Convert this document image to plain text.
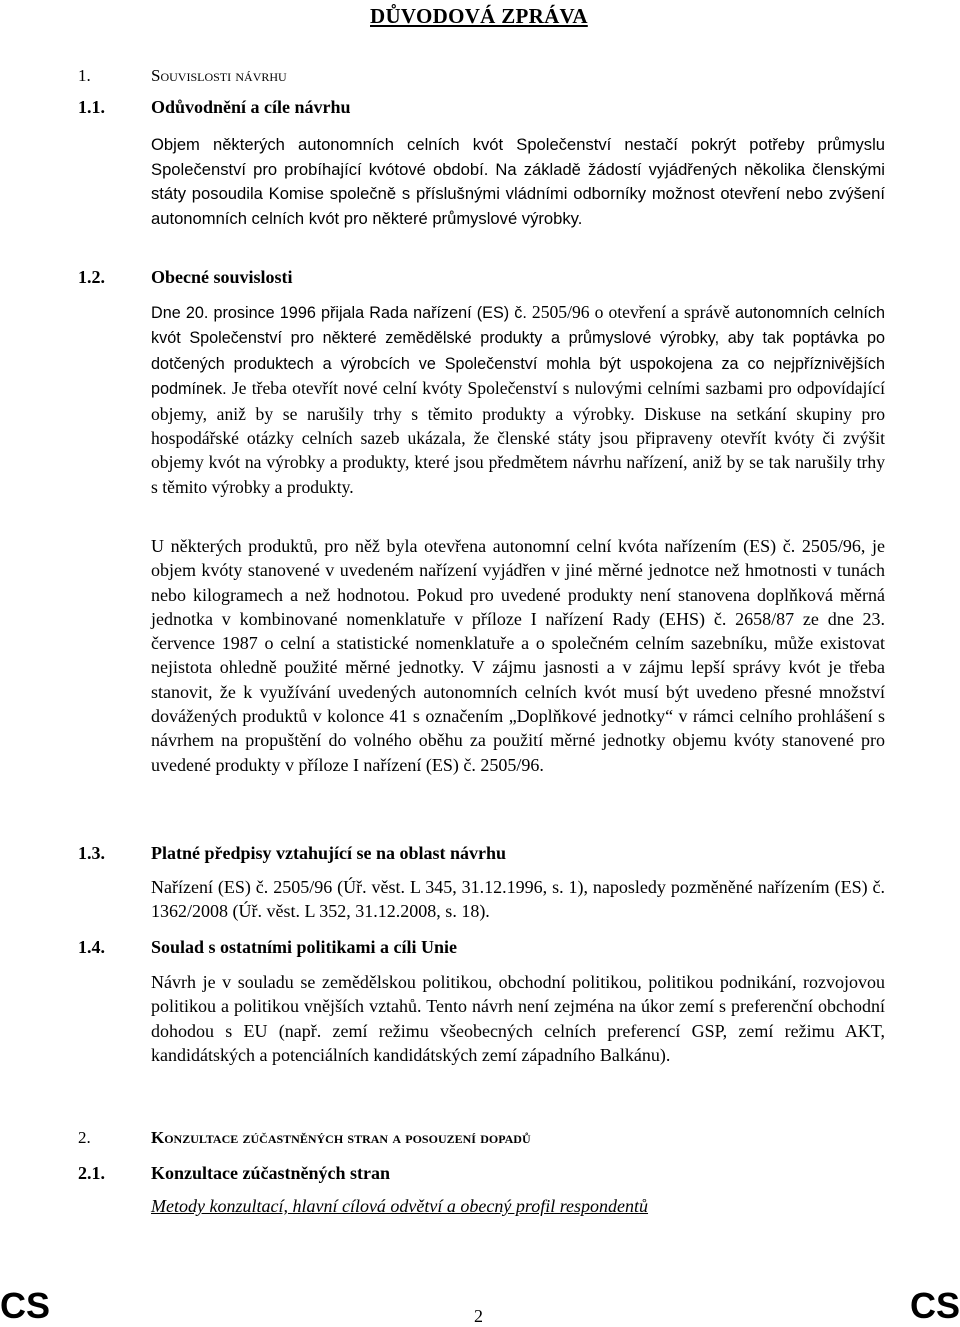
DŮVODOVÁ ZPRÁVA
1.	Souvislosti návrhu
1.1.	Odůvodnění a cíle návrhu

Objem některých autonomních celních kvót Společenství nestačí pokrýt potřeby průmyslu Společenství pro probíhající kvótové období. Na základě žádostí vyjádřených několika členskými státy posoudila Komise společně s příslušnými vládními odborníky možnost otevření nebo zvýšení autonomních celních kvót pro některé průmyslové výrobky.

1.2.	Obecné souvislosti

Dne 20. prosince 1996 přijala Rada nařízení (ES) č. 2505/96 o otevření a správě autonomních celních kvót Společenství pro některé zemědělské produkty a průmyslové výrobky, aby tak poptávka po dotčených produktech a výrobcích ve Společenství mohla být uspokojena za co nejpříznivějších podmínek. Je třeba otevřít nové celní kvóty Společenství s nulovými celními sazbami pro odpovídající objemy, aniž by se narušily trhy s těmito produkty a výrobky. Diskuse na setkání skupiny pro hospodářské otázky celních sazeb ukázala, že členské státy jsou připraveny otevřít kvóty či zvýšit objemy kvót na výrobky a produkty, které jsou předmětem návrhu nařízení, aniž by se tak narušily trhy s těmito výrobky a produkty.

U některých produktů, pro něž byla otevřena autonomní celní kvóta nařízením (ES) č. 2505/96, je objem kvóty stanovené v uvedeném nařízení vyjádřen v jiné měrné jednotce než hmotnosti v tunách nebo kilogramech a než hodnotou. Pokud pro uvedené produkty není stanovena doplňková měrná jednotka v kombinované nomenklatuře v příloze I nařízení Rady (EHS) č. 2658/87 ze dne 23. července 1987 o celní a statistické nomenklatuře a o společném celním sazebníku, může existovat nejistota ohledně použité měrné jednotky. V zájmu jasnosti a v zájmu lepší správy kvót je třeba stanovit, že k využívání uvedených autonomních celních kvót musí být uvedeno přesné množství dovážených produktů v kolonce 41 s označením „Doplňkové jednotky“ v rámci celního prohlášení s návrhem na propuštění do volného oběhu za použití měrné jednotky objemu kvóty stanovené pro uvedené produkty v příloze I nařízení (ES) č. 2505/96.

1.3.	Platné předpisy vztahující se na oblast návrhu

Nařízení (ES) č. 2505/96 (Úř. věst. L 345, 31.12.1996, s. 1), naposledy pozměněné nařízením (ES) č. 1362/2008 (Úř. věst. L 352, 31.12.2008, s. 18).

1.4.	Soulad s ostatními politikami a cíli Unie

Návrh je v souladu se zemědělskou politikou, obchodní politikou, politikou podnikání, rozvojovou politikou a politikou vnějších vztahů. Tento návrh není zejména na úkor zemí s preferenční obchodní dohodou s EU (např. zemí režimu všeobecných celních preferencí GSP, zemí režimu AKT, kandidátských a potenciálních kandidátských zemí západního Balkánu).

2.	Konzultace zúčastněných stran a posouzení dopadů
2.1.	Konzultace zúčastněných stran
Metody konzultací, hlavní cílová odvětví a obecný profil respondentů
CS	2	CS
